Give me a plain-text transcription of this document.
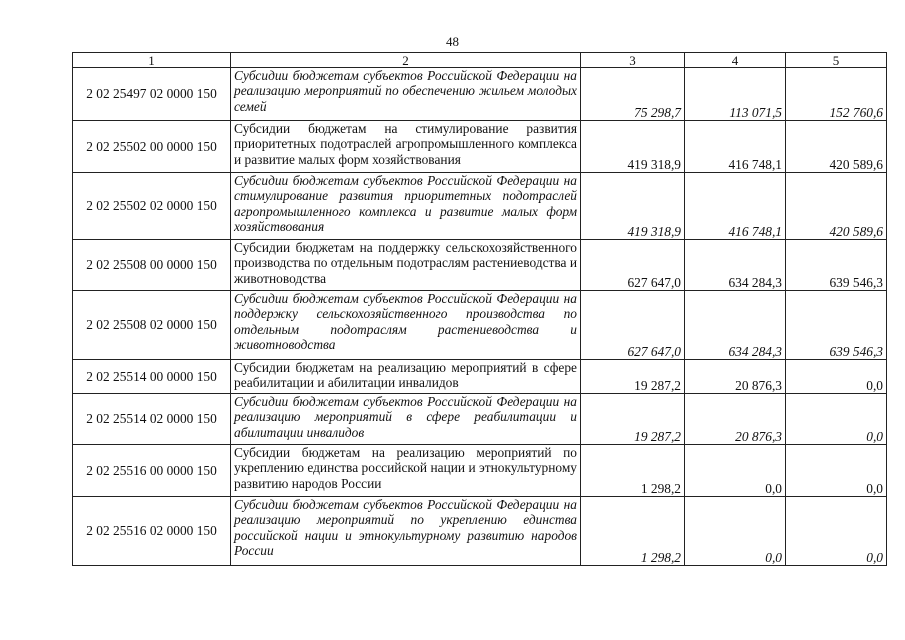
48
1	2	3	4	5
2 02 25497 02 0000 150	Субсидии бюджетам субъектов Российской Федерации на реализацию мероприятий по обеспечению жильем молодых семей	75 298,7	113 071,5	152 760,6
2 02 25502 00 0000 150	Субсидии бюджетам на стимулирование развития приоритетных подотраслей агропромышленного комплекса и развитие малых форм хозяйствования	419 318,9	416 748,1	420 589,6
2 02 25502 02 0000 150	Субсидии бюджетам субъектов Российской Федерации на стимулирование развития приоритетных подотраслей агропромышленного комплекса и развитие малых форм хозяйствования	419 318,9	416 748,1	420 589,6
2 02 25508 00 0000 150	Субсидии бюджетам на поддержку сельскохозяйственного производства по отдельным подотраслям растениеводства и животноводства	627 647,0	634 284,3	639 546,3
2 02 25508 02 0000 150	Субсидии бюджетам субъектов Российской Федерации на поддержку сельскохозяйственного производства по отдельным подотраслям растениеводства и животноводства	627 647,0	634 284,3	639 546,3
2 02 25514 00 0000 150	Субсидии бюджетам на реализацию мероприятий в сфере реабилитации и абилитации инвалидов	19 287,2	20 876,3	0,0
2 02 25514 02 0000 150	Субсидии бюджетам субъектов Российской Федерации на реализацию мероприятий в сфере реабилитации и абилитации инвалидов	19 287,2	20 876,3	0,0
2 02 25516 00 0000 150	Субсидии бюджетам на реализацию мероприятий по укреплению единства российской нации и этнокультурному развитию народов России	1 298,2	0,0	0,0
2 02 25516 02 0000 150	Субсидии бюджетам субъектов Российской Федерации на реализацию мероприятий по укреплению единства российской нации и этнокультурному развитию народов России	1 298,2	0,0	0,0
